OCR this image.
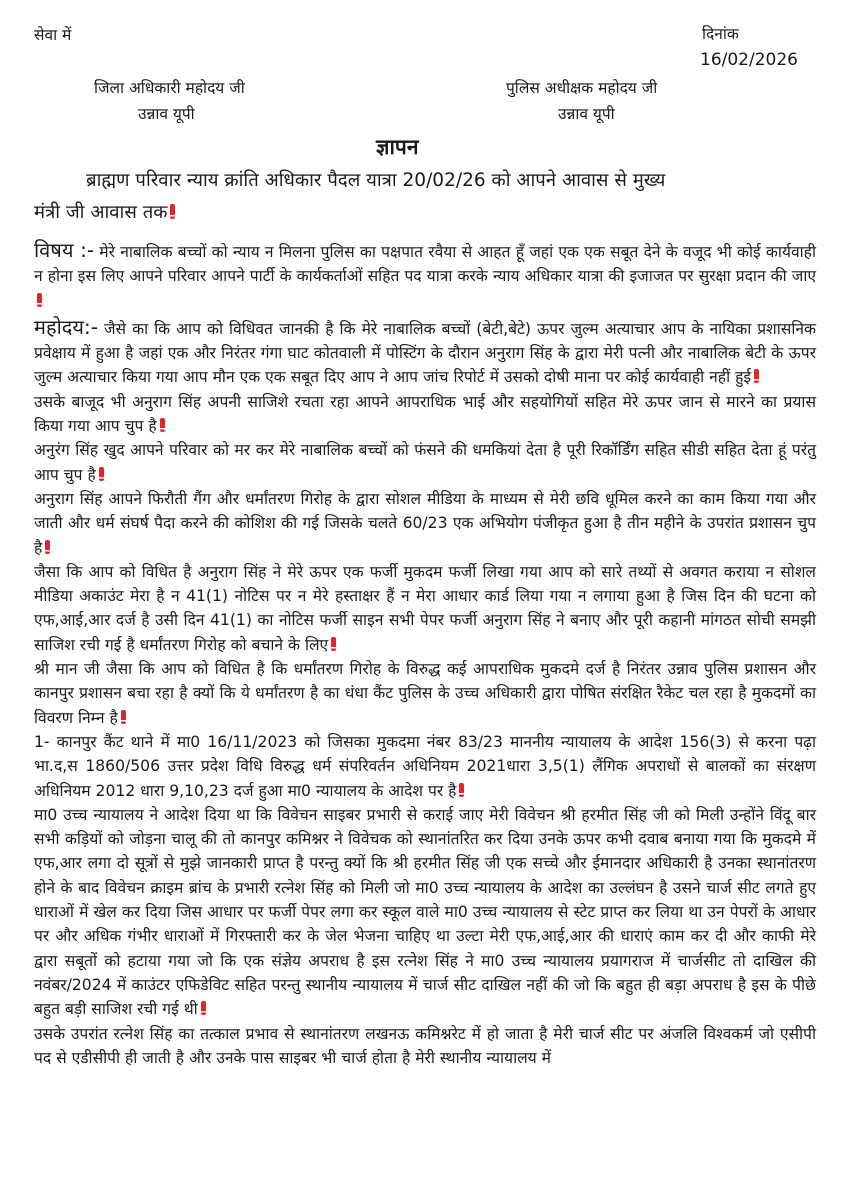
सेवा में	दिनांक
16/02/2026
जिला अधिकारी महोदय जी
उन्नाव यूपी
पुलिस अधीक्षक महोदय जी
उन्नाव यूपी
ज्ञापन
ब्राह्मण परिवार न्याय क्रांति अधिकार पैदल यात्रा 20/02/26 को आपने आवास से मुख्य
मंत्री जी आवास तक

विषय :- मेरे नाबालिक बच्चों को न्याय न मिलना पुलिस का पक्षपात रवैया से आहत हूँ जहां एक एक सबूत देने के वजूद भी कोई कार्यवाही न होना इस लिए आपने परिवार आपने पार्टी के कार्यकर्ताओं सहित पद यात्रा करके न्याय अधिकार यात्रा की इजाजत पर सुरक्षा प्रदान की जाए

महोदय:- जैसे का कि आप को विधिवत जानकी है कि मेरे नाबालिक बच्चों (बेटी,बेटे) ऊपर जुल्म अत्याचार आप के नायिका प्रशासनिक प्रवेक्षाय में हुआ है जहां एक और निरंतर गंगा घाट कोतवाली में पोस्टिंग के दौरान अनुराग सिंह के द्वारा मेरी पत्नी और नाबालिक बेटी के ऊपर जुल्म अत्याचार किया गया आप मौन एक एक सबूत दिए आप ने आप जांच रिपोर्ट में उसको दोषी माना पर कोई कार्यवाही नहीं हुई

उसके बाजूद भी अनुराग सिंह अपनी साजिशे रचता रहा आपने आपराधिक भाई और सहयोगियों सहित मेरे ऊपर जान से मारने का प्रयास किया गया आप चुप है

अनुरंग सिंह खुद आपने परिवार को मर कर मेरे नाबालिक बच्चों को फंसने की धमकियां देता है पूरी रिकॉर्डिंग सहित सीडी सहित देता हूं परंतु आप चुप है

अनुराग सिंह आपने फिरौती गैंग और धर्मांतरण गिरोह के द्वारा सोशल मीडिया के माध्यम से मेरी छवि धूमिल करने का काम किया गया और जाती और धर्म संघर्ष पैदा करने की कोशिश की गई जिसके चलते 60/23 एक अभियोग पंजीकृत हुआ है तीन महीने के उपरांत प्रशासन चुप है

जैसा कि आप को विधित है अनुराग सिंह ने मेरे ऊपर एक फर्जी मुकदम फर्जी लिखा गया आप को सारे तथ्यों से अवगत कराया न सोशल मीडिया अकाउंट मेरा है न 41(1) नोटिस पर न मेरे हस्ताक्षर हैं न मेरा आधार कार्ड लिया गया न लगाया हुआ है जिस दिन की घटना को एफ,आई,आर दर्ज है उसी दिन 41(1) का नोटिस फर्जी साइन सभी पेपर फर्जी अनुराग सिंह ने बनाए और पूरी कहानी मांगठत सोची समझी साजिश रची गई है धर्मांतरण गिरोह को बचाने के लिए

श्री मान जी जैसा कि आप को विधित है कि धर्मांतरण गिरोह के विरुद्ध कई आपराधिक मुकदमे दर्ज है निरंतर उन्नाव पुलिस प्रशासन और कानपुर प्रशासन बचा रहा है क्यों कि ये धर्मांतरण है का धंधा कैंट पुलिस के उच्च अधिकारी द्वारा पोषित संरक्षित रैकेट चल रहा है मुकदमों का विवरण निम्न है

1- कानपुर कैंट थाने में मा0 16/11/2023 को जिसका मुकदमा नंबर 83/23 माननीय न्यायालय के आदेश 156(3) से करना पढ़ा भा.द,स 1860/506 उत्तर प्रदेश विधि विरुद्ध धर्म संपरिवर्तन अधिनियम 2021धारा 3,5(1) लैंगिक अपराधों से बालकों का संरक्षण अधिनियम 2012 धारा 9,10,23 दर्ज हुआ मा0 न्यायालय के आदेश पर है

मा0 उच्च न्यायालय ने आदेश दिया था कि विवेचन साइबर प्रभारी से कराई जाए मेरी विवेचन श्री हरमीत सिंह जी को मिली उन्होंने विंदू बार सभी कड़ियों को जोड़ना चालू की तो कानपुर कमिश्नर ने विवेचक को स्थानांतरित कर दिया उनके ऊपर कभी दवाब बनाया गया कि मुकदमे में एफ,आर लगा दो सूत्रों से मुझे जानकारी प्राप्त है परन्तु क्यों कि श्री हरमीत सिंह जी एक सच्चे और ईमानदार अधिकारी है उनका स्थानांतरण होने के बाद विवेचन क्राइम ब्रांच के प्रभारी रत्नेश सिंह को मिली जो मा0 उच्च न्यायालय के आदेश का उल्लंघन है उसने चार्ज सीट लगते हुए धाराओं में खेल कर दिया जिस आधार पर फर्जी पेपर लगा कर स्कूल वाले मा0 उच्च न्यायालय से स्टेट प्राप्त कर लिया था उन पेपरों के आधार पर और अधिक गंभीर धाराओं में गिरफ्तारी कर के जेल भेजना चाहिए था उल्टा मेरी एफ,आई,आर की धाराएं काम कर दी और काफी मेरे द्वारा सबूतों को हटाया गया जो कि एक संज्ञेय अपराध है इस रत्नेश सिंह ने मा0 उच्च न्यायालय प्रयागराज में चार्जसीट तो दाखिल की नवंबर/2024 में काउंटर एफिडेविट सहित परन्तु स्थानीय न्यायालय में चार्ज सीट दाखिल नहीं की जो कि बहुत ही बड़ा अपराध है इस के पीछे बहुत बड़ी साजिश रची गई थी

उसके उपरांत रत्नेश सिंह का तत्काल प्रभाव से स्थानांतरण लखनऊ कमिश्नरेट में हो जाता है मेरी चार्ज सीट पर अंजलि विश्वकर्म जो एसीपी पद से एडीसीपी ही जाती है और उनके पास साइबर भी चार्ज होता है मेरी स्थानीय न्यायालय में
